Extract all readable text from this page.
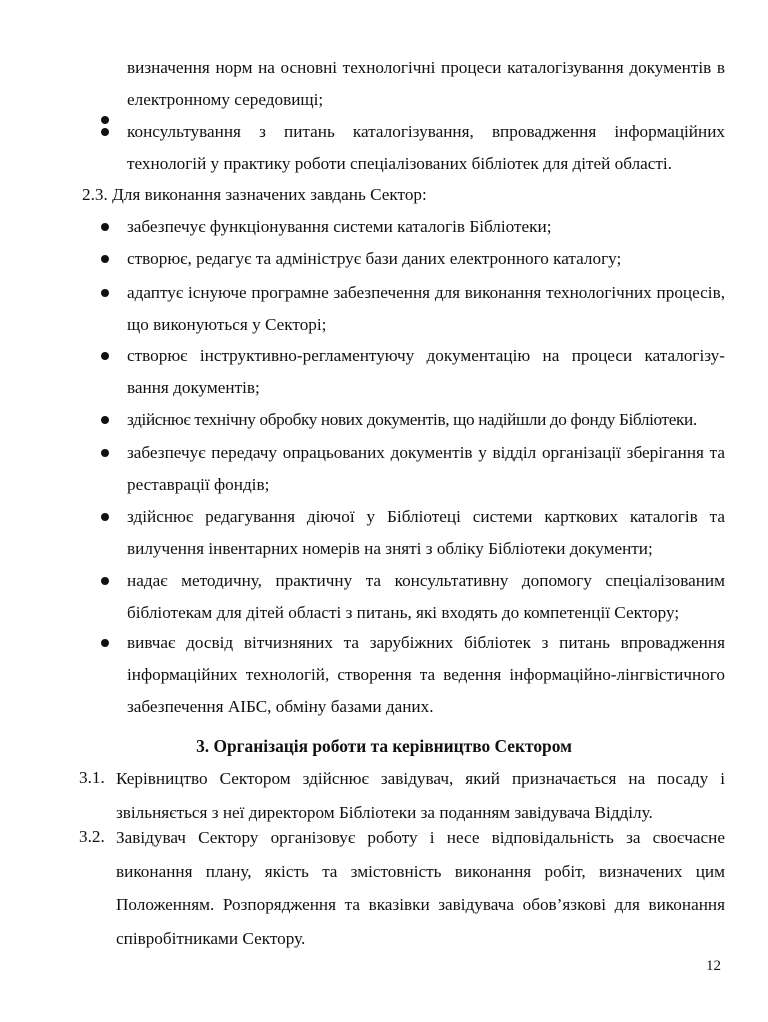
визначення норм на основні технологічні процеси каталогізування документів в електронному середовищі;
консультування з питань каталогізування, впровадження інформаційних технологій у практику роботи спеціалізованих бібліотек для дітей області.
2.3. Для виконання зазначених завдань Сектор:
забезпечує функціонування системи каталогів Бібліотеки;
створює, редагує та адмініструє бази даних електронного каталогу;
адаптує існуюче програмне забезпечення для виконання технологічних процесів, що виконуються у Секторі;
створює інструктивно-регламентуючу документацію на процеси каталогізу-вання документів;
здійснює технічну обробку нових документів, що надійшли до фонду Бібліотеки.
забезпечує передачу опрацьованих документів у відділ організації зберігання та реставрації фондів;
здійснює редагування діючої у Бібліотеці системи карткових каталогів та вилучення інвентарних номерів на зняті з обліку Бібліотеки документи;
надає методичну, практичну та консультативну допомогу спеціалізованим бібліотекам для дітей області з питань, які входять до компетенції Сектору;
вивчає досвід вітчизняних та зарубіжних бібліотек з питань впровадження інформаційних технологій, створення та ведення інформаційно-лінгвістичного забезпечення АІБС, обміну базами даних.
3. Організація роботи та керівництво Сектором
3.1. Керівництво Сектором здійснює завідувач, який призначається на посаду і звільняється з неї директором Бібліотеки за поданням завідувача Відділу.
3.2. Завідувач Сектору організовує роботу і несе відповідальність за своєчасне виконання плану, якість та змістовність виконання робіт, визначених цим Положенням. Розпорядження та вказівки завідувача обов’язкові для виконання співробітниками Сектору.
12
